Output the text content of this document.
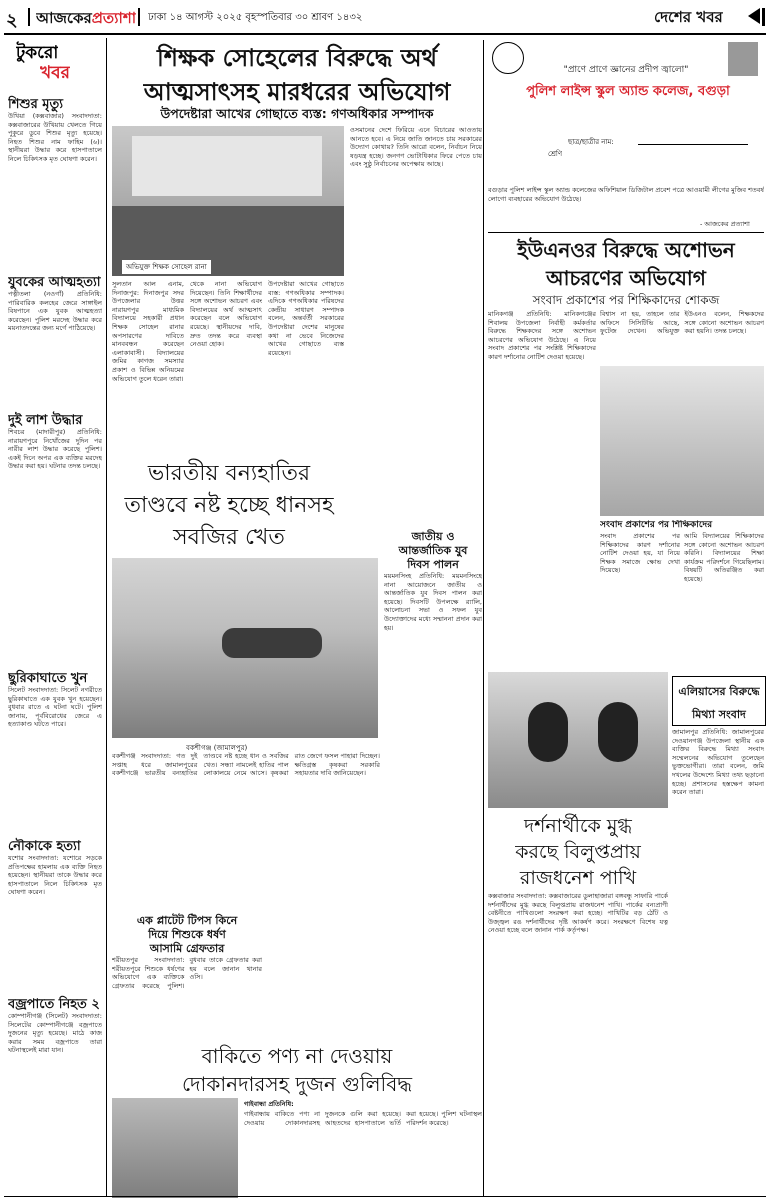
২ আজকেরপ্রত্যাশা ঢাকা ১৪ আগস্ট ২০২৫ বৃহস্পতিবার ৩০ শ্রাবণ ১৪৩২	দেশের খবর
টুকরো
খবর
শিশুর মৃত্যু
উখিয়া (কক্সবাজার) সংবাদদাতা: কক্সবাজারের উখিয়ায় খেলতে গিয়ে পুকুরে ডুবে শিশুর মৃত্যু হয়েছে। নিহত শিশুর নাম ফাহিম (৬)। স্থানীয়রা উদ্ধার করে হাসপাতালে নিলে চিকিৎসক মৃত ঘোষণা করেন।
যুবকের আত্মহত্যা
পত্নীতলা (নওগাঁ) প্রতিনিধি: পারিবারিক কলহের জেরে সাঙ্গাইল বিষপানে এক যুবক আত্মহত্যা করেছেন। পুলিশ মরদেহ উদ্ধার করে ময়নাতদন্তের জন্য মর্গে পাঠিয়েছে।
দুই লাশ উদ্ধার
শিবচর (মাদারীপুর) প্রতিনিধি: নারায়ণপুরে নিখোঁজের দুদিন পর নারীর লাশ উদ্ধার করেছে পুলিশ। একই দিনে অপর এক ব্যক্তির মরদেহ উদ্ধার করা হয়। ঘটনার তদন্ত চলছে।
ছুরিকাঘাতে খুন
সিলেট সংবাদদাতা: সিলেট নগরীতে ছুরিকাঘাতে এক যুবক খুন হয়েছেন। বুধবার রাতে এ ঘটনা ঘটে। পুলিশ জানায়, পূর্ববিরোধের জেরে এ হত্যাকাণ্ড ঘটতে পারে।
নৌকাকে হত্যা
যশোর সংবাদদাতা: যশোরে সড়কে প্রতিপক্ষের হামলায় এক ব্যক্তি নিহত হয়েছেন। স্থানীয়রা তাকে উদ্ধার করে হাসপাতালে নিলে চিকিৎসক মৃত ঘোষণা করেন।
বজ্রপাতে নিহত ২
কোম্পানীগঞ্জ (সিলেট) সংবাদদাতা: সিলেটের কোম্পানীগঞ্জে বজ্রপাতে দুজনের মৃত্যু হয়েছে। মাঠে কাজ করার সময় বজ্রপাতে তারা ঘটনাস্থলেই মারা যান।
শিক্ষক সোহেলের বিরুদ্ধে অর্থ
আত্মসাৎসহ মারধরের অভিযোগ
উপদেষ্টারা আখের গোছাতে ব্যস্ত: গণঅধিকার সম্পাদক
অভিযুক্ত শিক্ষক সোহেল রানা
সুলতান আল এনাম, দিনাজপুর: দিনাজপুর সদর উপজেলার উত্তর নারায়ণপুর মাধ্যমিক বিদ্যালয়ে সহকারী প্রধান শিক্ষক সোহেল রানার অপসারণের দাবিতে মানববন্ধন করেছেন এলাকাবাসী। বিদ্যালয়ের জমির কাগজ সমস্যার প্রকাশ ও বিভিন্ন অনিয়মের অভিযোগ তুলে ধরেন তারা।
থেকে নানা অভিযোগ দিয়েছেন। তিনি শিক্ষার্থীদের সঙ্গে অশোভন আচরণ এবং বিদ্যালয়ের অর্থ আত্মসাৎ করেছেন বলে অভিযোগ রয়েছে। স্থানীয়দের দাবি, দ্রুত তদন্ত করে ব্যবস্থা নেওয়া হোক।
উপদেষ্টারা আখের গোছাতে ব্যস্ত: গণঅধিকার সম্পাদক। এদিকে গণঅধিকার পরিষদের কেন্দ্রীয় সাধারণ সম্পাদক বলেন, অন্তর্বর্তী সরকারের উপদেষ্টারা দেশের মানুষের কথা না ভেবে নিজেদের আখের গোছাতে ব্যস্ত রয়েছেন।
ওসমানের দেশে ফিরিয়ে এনে বিচারের আওতায় আনতে হবে। এ নিয়ে জাতি জানতে চায় সরকারের উদ্যোগ কোথায়? তিনি আরো বলেন, নির্বাচন নিয়ে ষড়যন্ত্র হচ্ছে। জনগণ ভোটাধিকার ফিরে পেতে চায় এবং সুষ্ঠু নির্বাচনের অপেক্ষায় আছে।
ভারতীয় বন্যহাতির
তাণ্ডবে নষ্ট হচ্ছে ধানসহ
সবজির খেত
বকশীগঞ্জ (জামালপুর)
বকশীগঞ্জ সংবাদদাতা: গত দুই সপ্তাহ ধরে জামালপুরের বকশীগঞ্জে ভারতীয় বন্যহাতির তাণ্ডবে নষ্ট হচ্ছে ধান ও সবজির খেত। সন্ধ্যা নামলেই হাতির পাল লোকালয়ে নেমে আসে। কৃষকরা রাত জেগে ফসল পাহারা দিচ্ছেন। ক্ষতিগ্রস্ত কৃষকরা সরকারি সহায়তার দাবি জানিয়েছেন।
জাতীয় ও
আন্তর্জাতিক যুব
দিবস পালন
ময়মনসিংহ প্রতিনিধি: ময়মনসিংহে নানা আয়োজনে জাতীয় ও আন্তর্জাতিক যুব দিবস পালন করা হয়েছে। দিবসটি উপলক্ষে র‍্যালি, আলোচনা সভা ও সফল যুব উদ্যোক্তাদের মধ্যে সম্মাননা প্রদান করা হয়।
এক প্লাটেট টিপস কিনে
দিয়ে শিশুকে ধর্ষণ
আসামি গ্রেফতার
শরীয়তপুর সংবাদদাতা: শরীয়তপুরে শিশুকে ধর্ষণের অভিযোগে এক ব্যক্তিকে গ্রেফতার করেছে পুলিশ। বুধবার তাকে গ্রেফতার করা হয় বলে জানান থানার ওসি।
বাকিতে পণ্য না দেওয়ায়
দোকানদারসহ দুজন গুলিবিদ্ধ
গাইবান্ধা প্রতিনিধি:
গাইবান্ধায় বাকিতে পণ্য না দেওয়ায় দোকানদারসহ দুজনকে গুলি করা হয়েছে। আহতদের হাসপাতালে ভর্তি করা হয়েছে। পুলিশ ঘটনাস্থল পরিদর্শন করেছে।
"প্রাণে প্রাণে জ্ঞানের প্রদীপ জ্বালো"
পুলিশ লাইন্স স্কুল অ্যান্ড কলেজ, বগুড়া
ছাত্র/ছাত্রীর নাম:
শ্রেণি
বগুড়ার পুলিশ লাইন্স স্কুল অ্যান্ড কলেজের অফিশিয়াল ডিজিটাল প্রবেশ পত্রে আওয়ামী লীগের মুজিব শতবর্ষ লোগো ব্যবহারের অভিযোগ উঠেছে।
- আজকের প্রত্যাশা
ইউএনওর বিরুদ্ধে অশোভন
আচরণের অভিযোগ
সংবাদ প্রকাশের পর শিক্ষিকাদের শোকজ
মানিকগঞ্জ প্রতিনিধি: মানিকগঞ্জের শিবালয় উপজেলা নির্বাহী কর্মকর্তার বিরুদ্ধে শিক্ষকদের সঙ্গে অশোভন আচরণের অভিযোগ উঠেছে। এ নিয়ে সংবাদ প্রকাশের পর সংশ্লিষ্ট শিক্ষিকাদের কারণ দর্শানোর নোটিশ দেওয়া হয়েছে।
বিশ্বাস না হয়, তাহলে তার অফিসে সিসিটিভি আছে, ফুটেজ দেখেন। অভিযুক্ত ইউএনও বলেন, শিক্ষকদের সঙ্গে কোনো অশোভন আচরণ করা হয়নি। তদন্ত চলছে।
সংবাদ প্রকাশের পর শিক্ষিকাদের
সংবাদ প্রকাশের পর শিক্ষিকাদের কারণ দর্শানোর নোটিশ দেওয়া হয়, যা নিয়ে শিক্ষক সমাজে ক্ষোভ দেখা দিয়েছে।
আমি বিদ্যালয়ের শিক্ষিকাদের সঙ্গে কোনো অশোভন আচরণ করিনি। বিদ্যালয়ের শিক্ষা কার্যক্রম পরিদর্শনে গিয়েছিলাম। বিষয়টি অতিরঞ্জিত করা হয়েছে।
দর্শনার্থীকে মুগ্ধ
করছে বিলুপ্তপ্রায়
রাজধনেশ পাখি
কক্সবাজার সংবাদদাতা: কক্সবাজারের ডুলাহাজারা বঙ্গবন্ধু সাফারি পার্কে দর্শনার্থীদের মুগ্ধ করছে বিলুপ্তপ্রায় রাজধনেশ পাখি। পার্কের বন্যপ্রাণী বেষ্টনীতে পাখিগুলো সংরক্ষণ করা হচ্ছে। পাখিটির বড় ঠোঁট ও উজ্জ্বল রঙ দর্শনার্থীদের দৃষ্টি আকর্ষণ করে। সংরক্ষণে বিশেষ যত্ন নেওয়া হচ্ছে বলে জানান পার্ক কর্তৃপক্ষ।
এলিয়াসের বিরুদ্ধে
মিথ্যা সংবাদ
জামালপুর প্রতিনিধি: জামালপুরের দেওয়ানগঞ্জ উপজেলা স্থানীয় এক ব্যক্তির বিরুদ্ধে মিথ্যা সংবাদ সম্মেলনের অভিযোগ তুলেছেন ভুক্তভোগীরা। তারা বলেন, জমি দখলের উদ্দেশ্যে মিথ্যা তথ্য ছড়ানো হচ্ছে। প্রশাসনের হস্তক্ষেপ কামনা করেন তারা।
